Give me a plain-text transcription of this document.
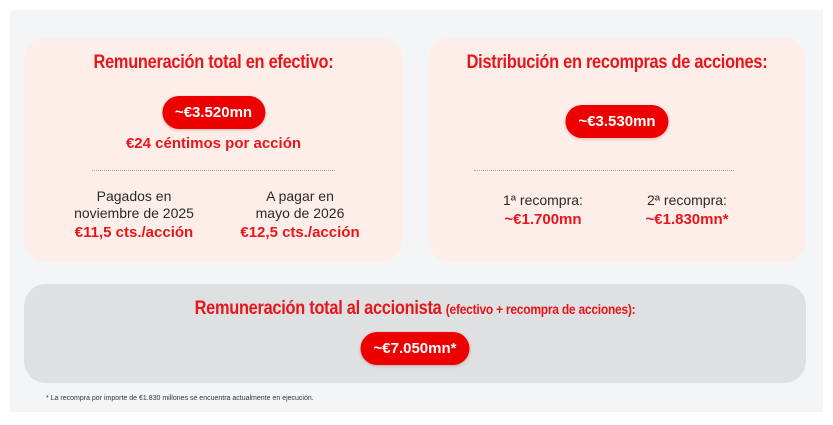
Remuneración total en efectivo:
~€3.520mn
€24 céntimos por acción
Pagados en
noviembre de 2025
€11,5 cts./acción
A pagar en
mayo de 2026
€12,5 cts./acción
Distribución en recompras de acciones:
~€3.530mn
1ª recompra:
~€1.700mn
2ª recompra:
~€1.830mn*
Remuneración total al accionista (efectivo + recompra de acciones):
~€7.050mn*
* La recompra por importe de €1.830 millones se encuentra actualmente en ejecución.
